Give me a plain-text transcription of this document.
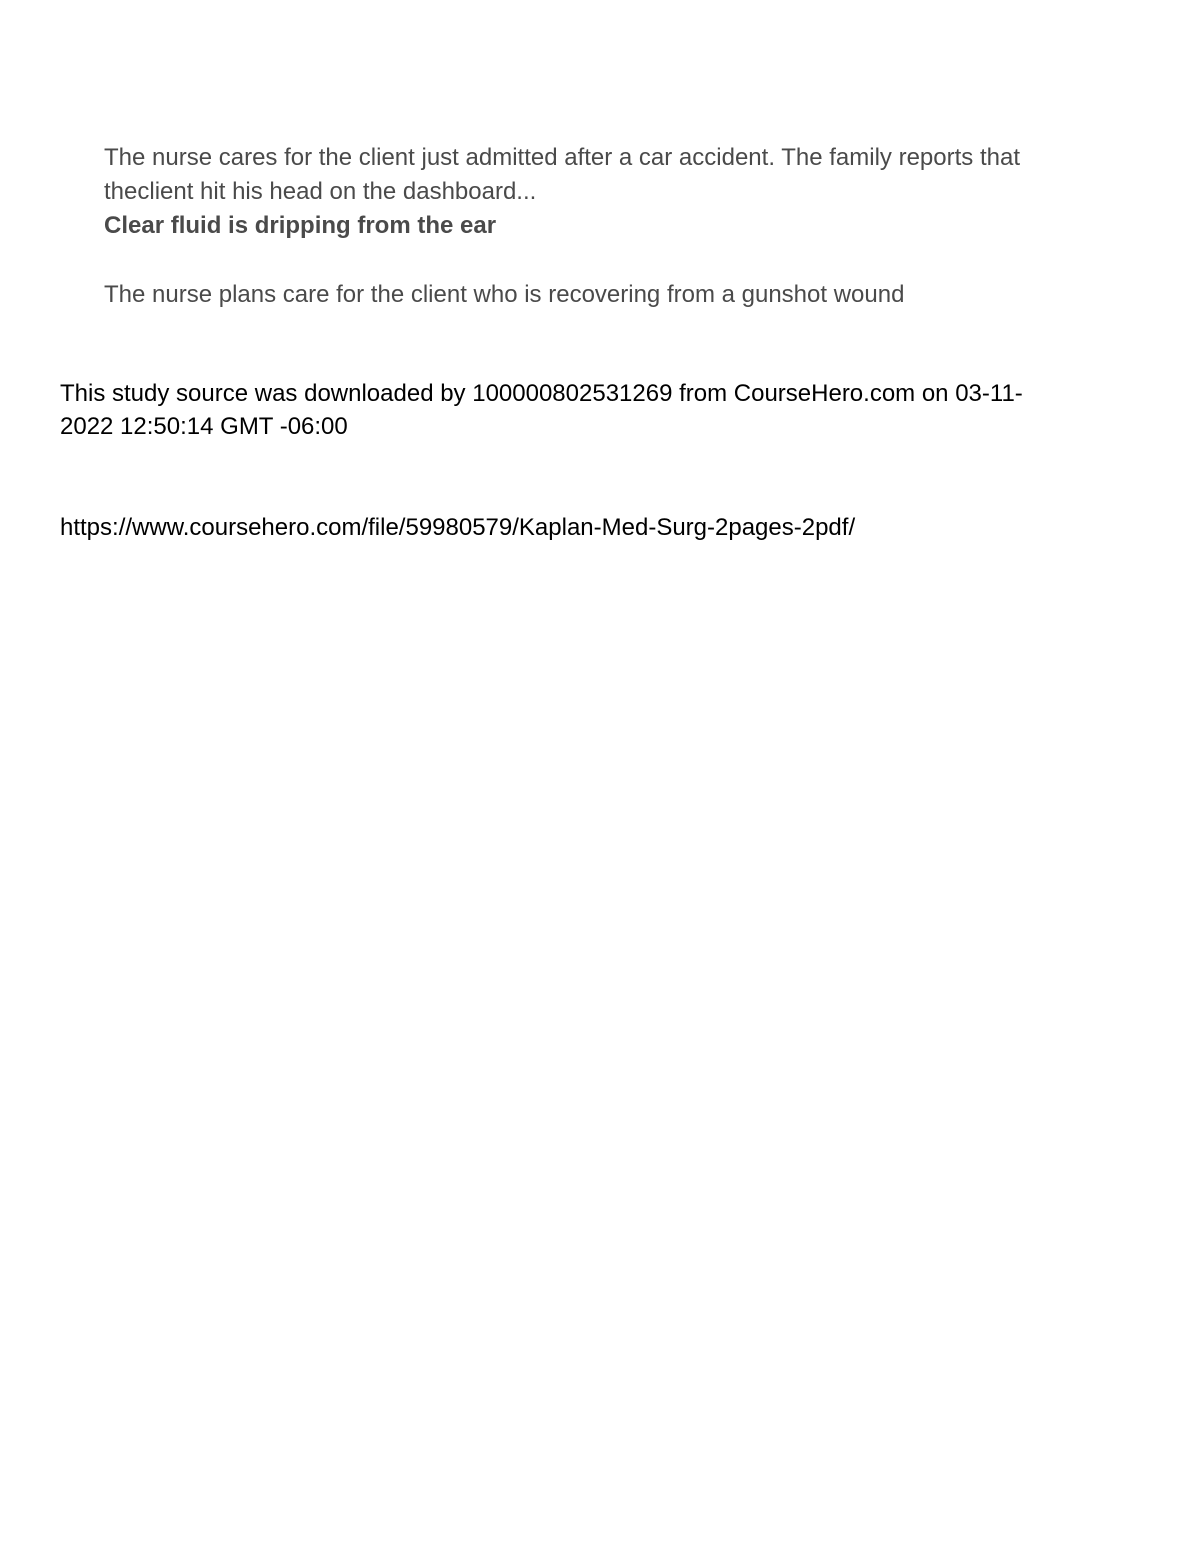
The nurse cares for the client just admitted after a car accident. The family reports that theclient hit his head on the dashboard...

Clear fluid is dripping from the ear

The nurse plans care for the client who is recovering from a gunshot wound

This study source was downloaded by 100000802531269 from CourseHero.com on 03-11-2022 12:50:14 GMT -06:00

https://www.coursehero.com/file/59980579/Kaplan-Med-Surg-2pages-2pdf/
